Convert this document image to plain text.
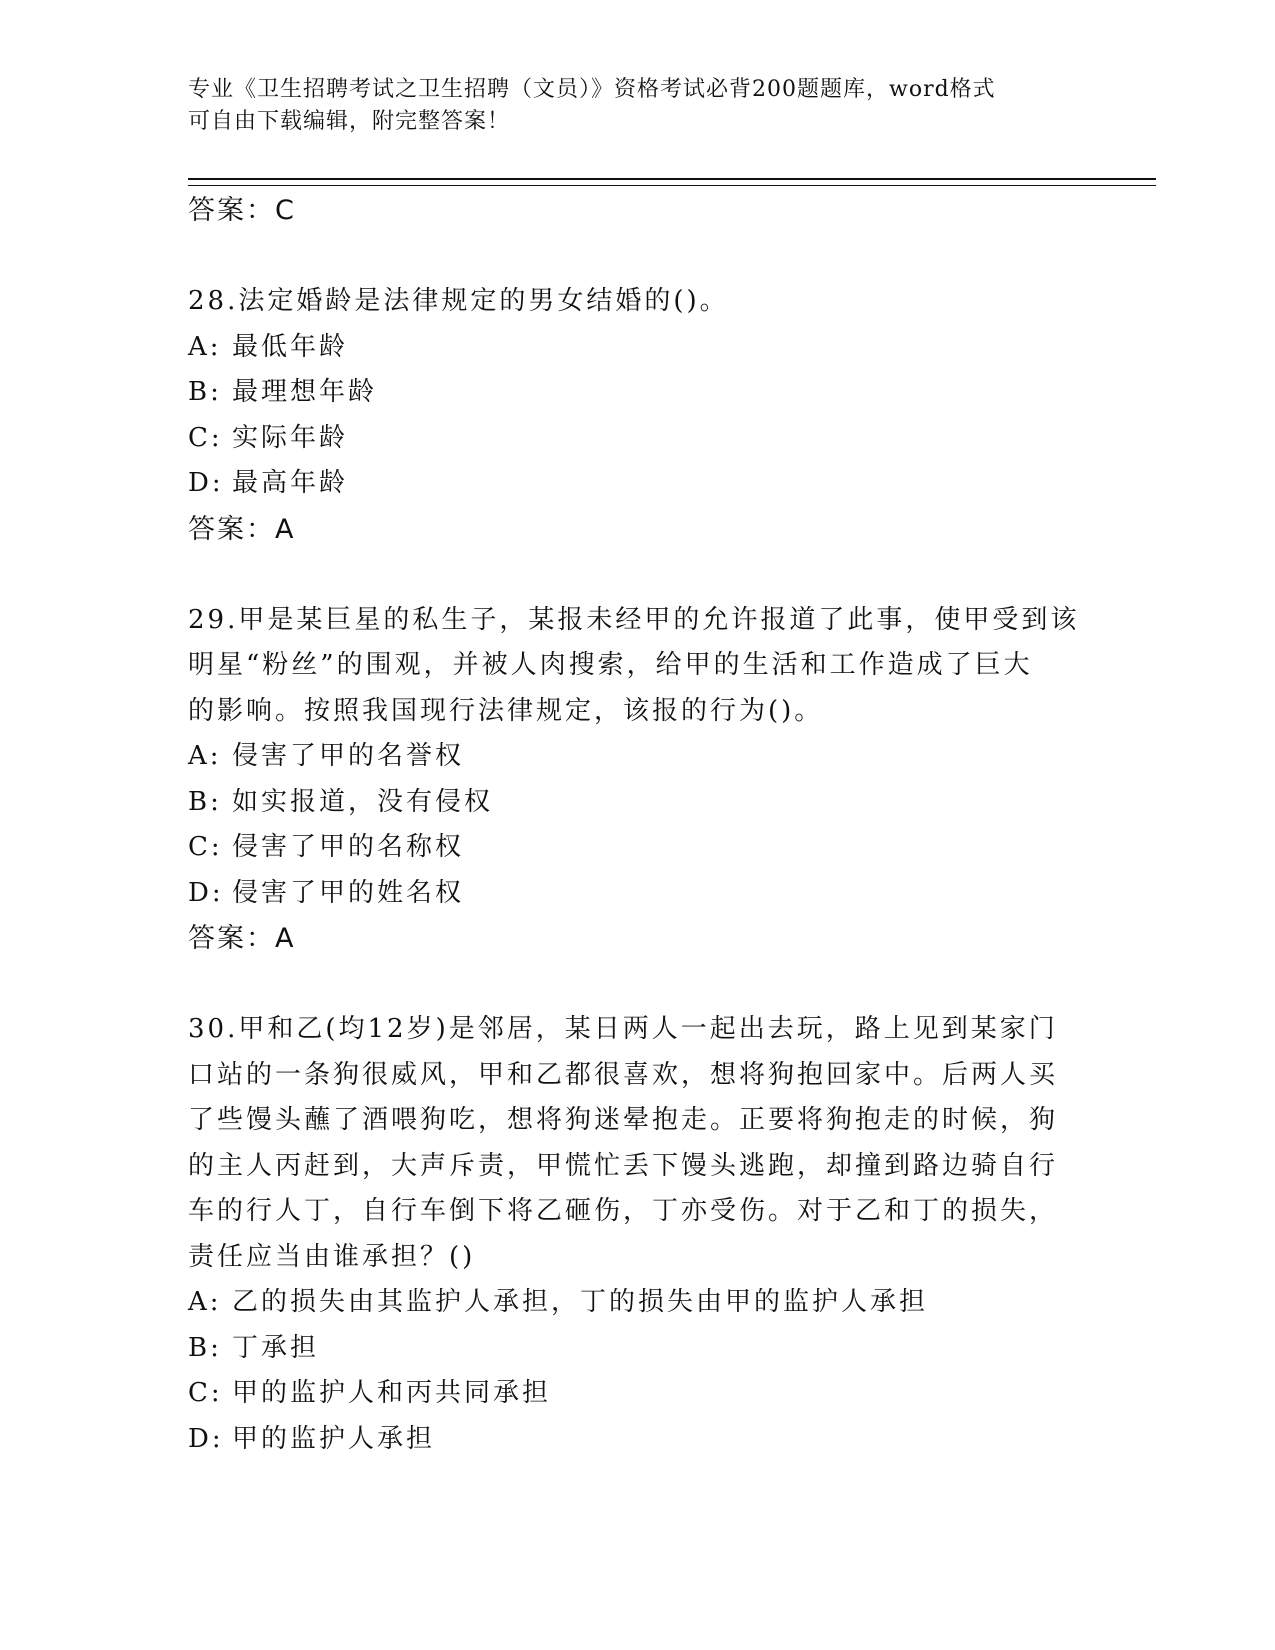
专业《卫生招聘考试之卫生招聘（文员）》资格考试必背200题题库，word格式
可自由下载编辑，附完整答案！
答案：C
28.法定婚龄是法律规定的男女结婚的()。
A: 最低年龄
B: 最理想年龄
C: 实际年龄
D: 最高年龄
答案：A
29.甲是某巨星的私生子，某报未经甲的允许报道了此事，使甲受到该
明星“粉丝”的围观，并被人肉搜索，给甲的生活和工作造成了巨大
的影响。按照我国现行法律规定，该报的行为()。
A: 侵害了甲的名誉权
B: 如实报道，没有侵权
C: 侵害了甲的名称权
D: 侵害了甲的姓名权
答案：A
30.甲和乙(均12岁)是邻居，某日两人一起出去玩，路上见到某家门
口站的一条狗很威风，甲和乙都很喜欢，想将狗抱回家中。后两人买
了些馒头蘸了酒喂狗吃，想将狗迷晕抱走。正要将狗抱走的时候，狗
的主人丙赶到，大声斥责，甲慌忙丢下馒头逃跑，却撞到路边骑自行
车的行人丁，自行车倒下将乙砸伤，丁亦受伤。对于乙和丁的损失，
责任应当由谁承担？()
A: 乙的损失由其监护人承担，丁的损失由甲的监护人承担
B: 丁承担
C: 甲的监护人和丙共同承担
D: 甲的监护人承担
